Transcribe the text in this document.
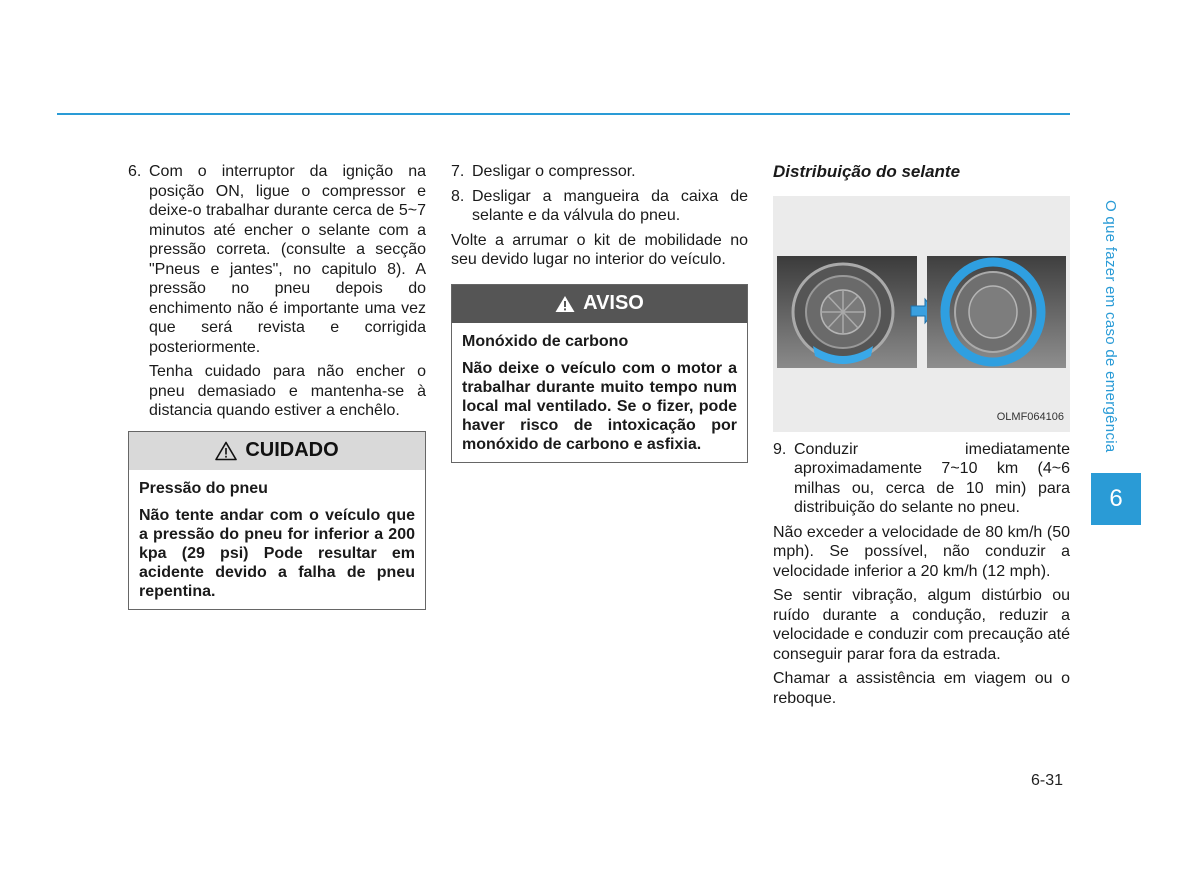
6. Com o interruptor da ignição na posição ON, ligue o compressor e deixe-o trabalhar durante cerca de 5~7 minutos até encher o selante com a pressão correta. (consulte a secção "Pneus e jantes", no capitulo 8). A pressão no pneu depois do enchimento não é importante uma vez que será revista e corrigida posteriormente.

Tenha cuidado para não encher o pneu demasiado e mantenha-se à distancia quando estiver a enchêlo.

CUIDADO

Pressão do pneu

Não tente andar com o veículo que a pressão do pneu for inferior a 200 kpa (29 psi) Pode resultar em acidente devido a falha de pneu repentina.

7. Desligar o compressor.
8. Desligar a mangueira da caixa de selante e da válvula do pneu.

Volte a arrumar o kit de mobilidade no seu devido lugar no interior do veículo.

AVISO

Monóxido de carbono

Não deixe o veículo com o motor a trabalhar durante muito tempo num local mal ventilado. Se o fizer, pode haver risco de intoxicação por monóxido de carbono e asfixia.

Distribuição do selante
OLMF064106
9. Conduzir imediatamente aproximadamente 7~10 km (4~6 milhas ou, cerca de 10 min) para distribuição do selante no pneu.

Não exceder a velocidade de 80 km/h (50 mph). Se possível, não conduzir a velocidade inferior a 20 km/h (12 mph).

Se sentir vibração, algum distúrbio ou ruído durante a condução, reduzir a velocidade e conduzir com precaução até conseguir parar fora da estrada.

Chamar a assistência em viagem ou o reboque.

O que fazer em caso de emergência
6
6-31
